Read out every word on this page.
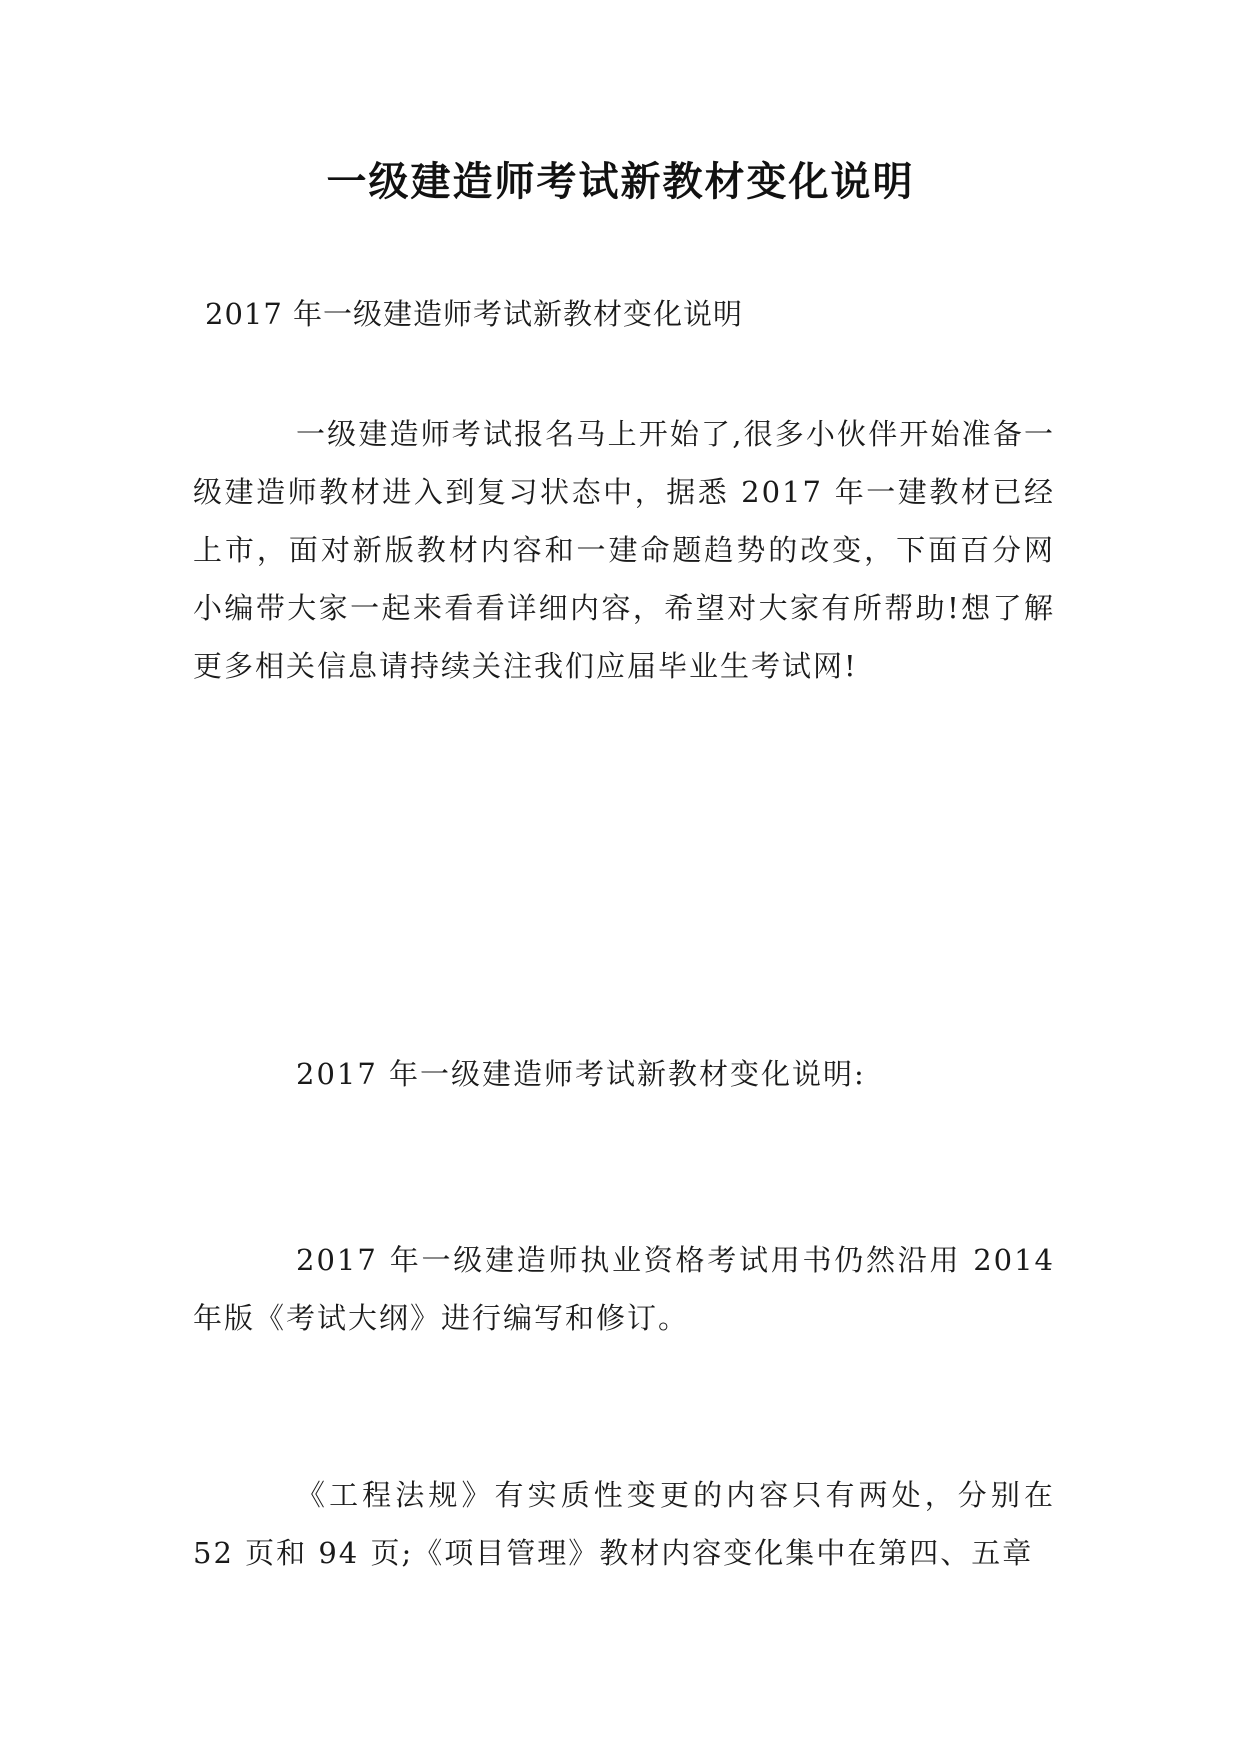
一级建造师考试新教材变化说明
2017 年一级建造师考试新教材变化说明

一级建造师考试报名马上开始了,很多小伙伴开始准备一级建造师教材进入到复习状态中，据悉 2017 年一建教材已经上市，面对新版教材内容和一建命题趋势的改变，下面百分网小编带大家一起来看看详细内容，希望对大家有所帮助!想了解更多相关信息请持续关注我们应届毕业生考试网!

2017 年一级建造师考试新教材变化说明:

2017 年一级建造师执业资格考试用书仍然沿用 2014 年版《考试大纲》进行编写和修订。

《工程法规》有实质性变更的内容只有两处，分别在 52 页和 94 页;《项目管理》教材内容变化集中在第四、五章
